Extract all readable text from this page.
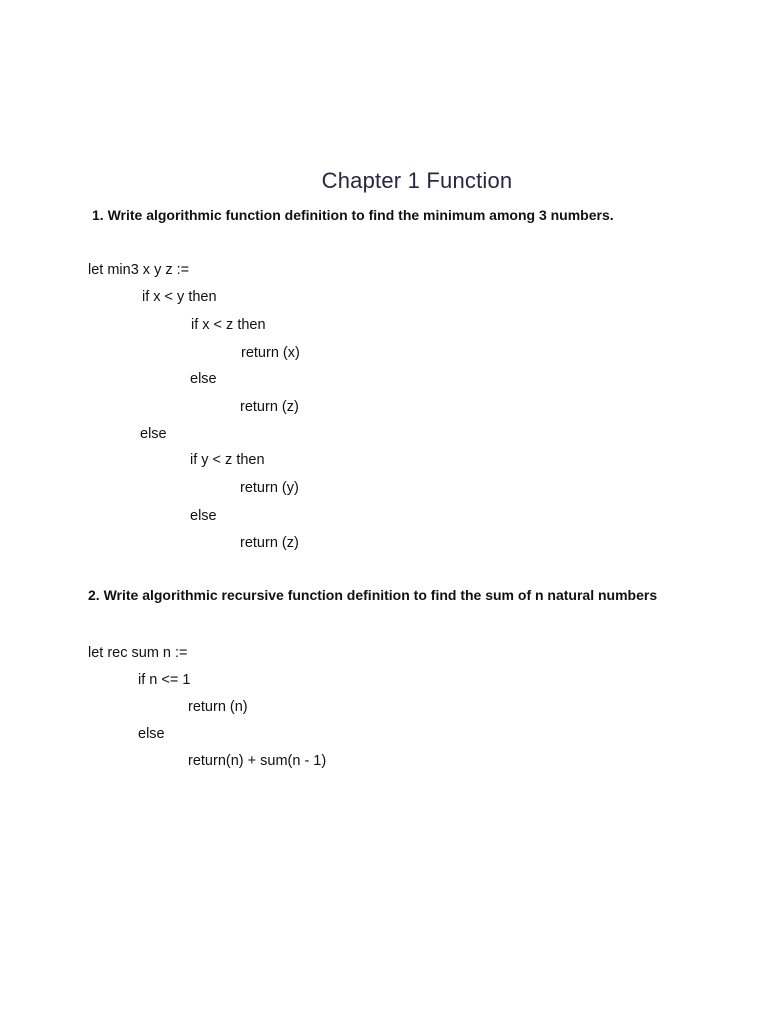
Chapter 1 Function
1. Write algorithmic function definition to find the minimum among 3 numbers.
let min3 x y z :=
if x < y then
if x < z then
return (x)
else
return (z)
else
if y < z then
return (y)
else
return (z)
2. Write algorithmic recursive function definition to find the sum of n natural numbers
let rec sum n :=
if n <= 1
return (n)
else
return(n) + sum(n - 1)
